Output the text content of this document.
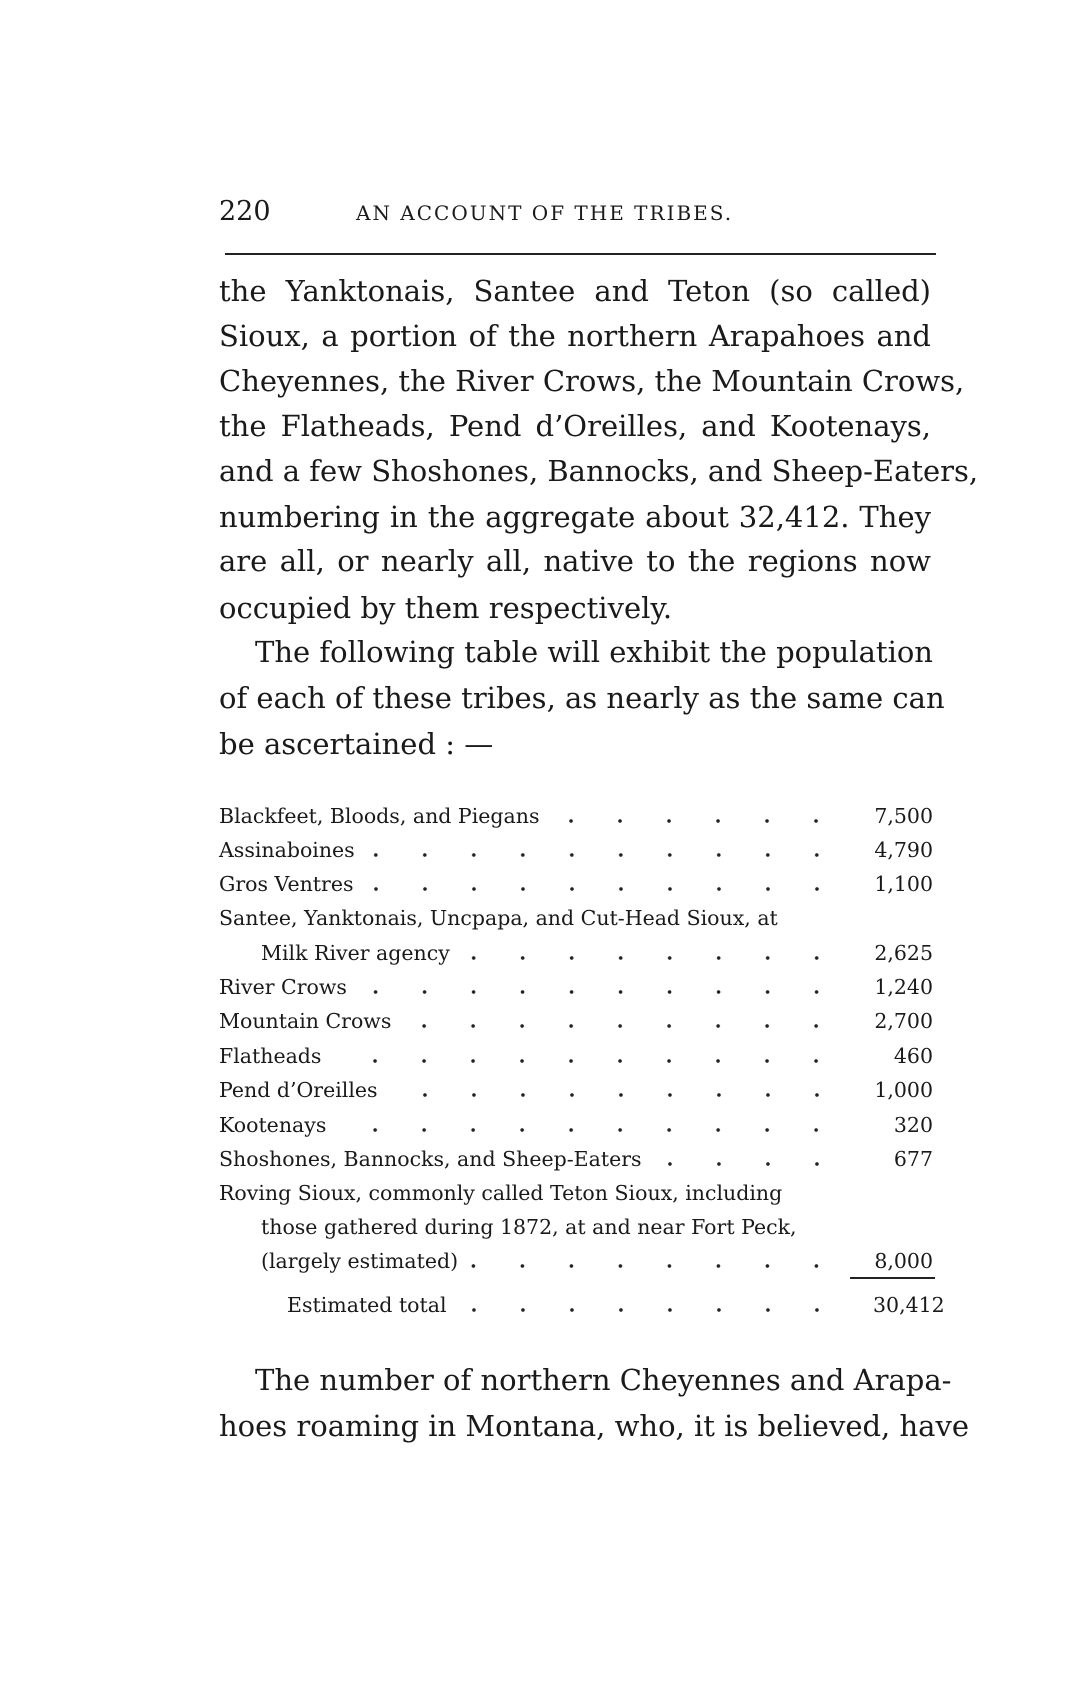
220	AN ACCOUNT OF THE TRIBES.
the Yanktonais, Santee and Teton (so called)
Sioux, a portion of the northern Arapahoes and
Cheyennes, the River Crows, the Mountain Crows,
the Flatheads, Pend d’Oreilles, and Kootenays,
and a few Shoshones, Bannocks, and Sheep-Eaters,
numbering in the aggregate about 32,412. They
are all, or nearly all, native to the regions now
occupied by them respectively.
The following table will exhibit the population
of each of these tribes, as nearly as the same can
be ascertained : —
Blackfeet, Bloods, and Piegans	7,500
Assinaboines	4,790
Gros Ventres	1,100
Santee, Yanktonais, Uncpapa, and Cut-Head Sioux, at
Milk River agency	2,625
River Crows	1,240
Mountain Crows	2,700
Flatheads	460
Pend d’Oreilles	1,000
Kootenays	320
Shoshones, Bannocks, and Sheep-Eaters	677
Roving Sioux, commonly called Teton Sioux, including
those gathered during 1872, at and near Fort Peck,
(largely estimated)	8,000
Estimated total	30,412
The number of northern Cheyennes and Arapa-
hoes roaming in Montana, who, it is believed, have
